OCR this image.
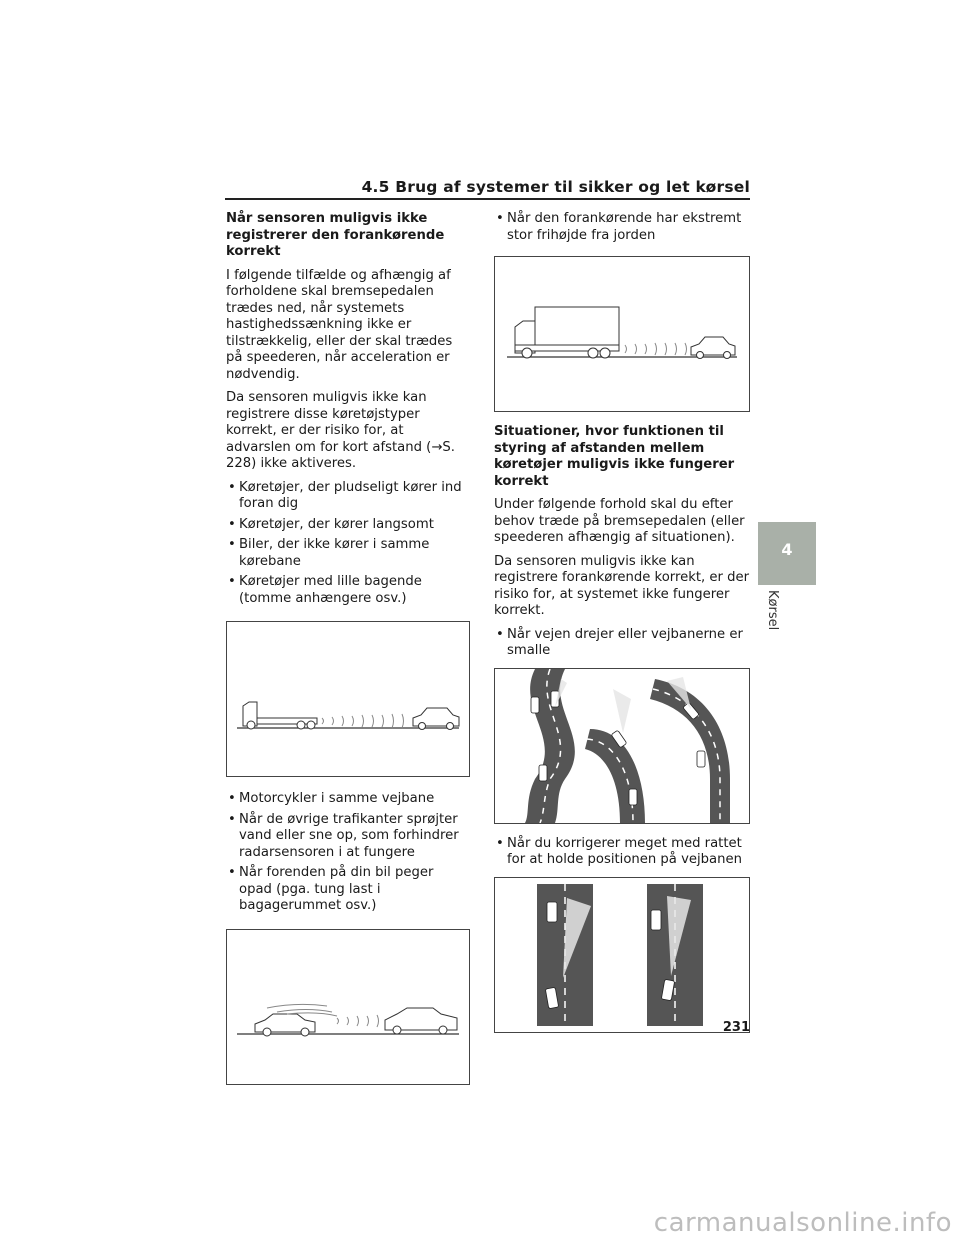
4.5 Brug af systemer til sikker og let kørsel

Når sensoren muligvis ikke registrerer den forankørende korrekt

I følgende tilfælde og afhængig af forholdene skal bremsepedalen trædes ned, når systemets hastighedssænkning ikke er tilstrækkelig, eller der skal trædes på speederen, når acceleration er nødvendig.

Da sensoren muligvis ikke kan registrere disse køretøjstyper korrekt, er der risiko for, at advarslen om for kort afstand (→S. 228) ikke aktiveres.

• Køretøjer, der pludseligt kører ind foran dig

• Køretøjer, der kører langsomt

• Biler, der ikke kører i samme kørebane

• Køretøjer med lille bagende (tomme anhængere osv.)

• Motorcykler i samme vejbane

• Når de øvrige trafikanter sprøjter vand eller sne op, som forhindrer radarsensoren i at fungere

• Når forenden på din bil peger opad (pga. tung last i bagagerummet osv.)

• Når den forankørende har ekstremt stor frihøjde fra jorden

Situationer, hvor funktionen til styring af afstanden mellem køretøjer muligvis ikke fungerer korrekt

Under følgende forhold skal du efter behov træde på bremsepedalen (eller speederen afhængig af situationen).

Da sensoren muligvis ikke kan registrere forankørende korrekt, er der risiko for, at systemet ikke fungerer korrekt.

• Når vejen drejer eller vejbanerne er smalle

• Når du korrigerer meget med rattet for at holde positionen på vejbanen

4
Kørsel
231
carmanualsonline.info
